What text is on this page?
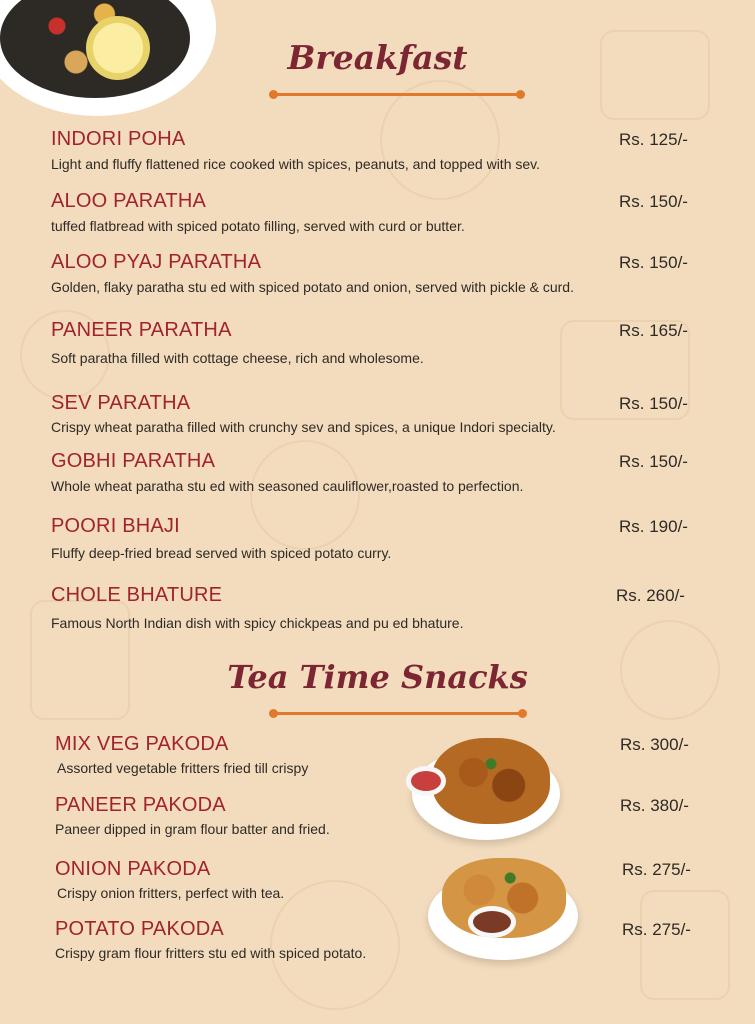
Breakfast
INDORI POHA
Light and fluffy flattened rice cooked with spices, peanuts, and topped with sev.
Rs. 125/-
ALOO PARATHA
tuffed flatbread with spiced potato filling, served with curd or butter.
Rs. 150/-
ALOO PYAJ PARATHA
Golden, flaky paratha stu ed with spiced potato and onion, served with pickle & curd.
Rs. 150/-
PANEER PARATHA
Soft paratha filled with cottage cheese, rich and wholesome.
Rs. 165/-
SEV PARATHA
Crispy wheat paratha filled with crunchy sev and spices, a unique Indori specialty.
Rs. 150/-
GOBHI PARATHA
Whole wheat paratha stu ed with seasoned cauliflower,roasted to perfection.
Rs. 150/-
POORI BHAJI
Fluffy deep-fried bread served with spiced potato curry.
Rs. 190/-
CHOLE BHATURE
Famous North Indian dish with spicy chickpeas and pu ed bhature.
Rs. 260/-
Tea Time Snacks
MIX VEG PAKODA
Assorted vegetable fritters fried till crispy
Rs. 300/-
PANEER PAKODA
Paneer dipped in gram flour batter and fried.
Rs. 380/-
ONION PAKODA
Crispy onion fritters, perfect with tea.
Rs. 275/-
POTATO PAKODA
Crispy gram flour fritters stu ed with spiced potato.
Rs. 275/-
